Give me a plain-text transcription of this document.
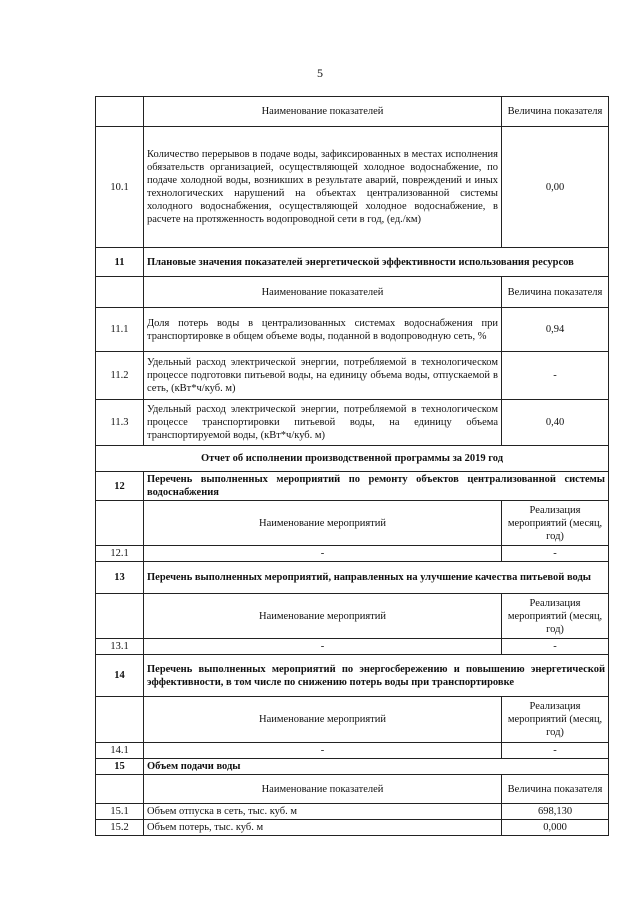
5
	Наименование показателей	Величина показателя
10.1	Количество перерывов в подаче воды, зафиксированных в местах исполнения обязательств организацией, осуществляющей холодное водоснабжение, по подаче холодной воды, возникших в результате аварий, повреждений и иных технологических нарушений на объектах централизованной системы холодного водоснабжения, осуществляющей холодное водоснабжение, в расчете на протяженность водопроводной сети в год, (ед./км)	0,00
11	Плановые значения показателей энергетической эффективности использования ресурсов	
	Наименование показателей	Величина показателя
11.1	Доля потерь воды в централизованных системах водоснабжения при транспортировке в общем объеме воды, поданной в водопроводную сеть, %	0,94
11.2	Удельный расход электрической энергии, потребляемой в технологическом процессе подготовки питьевой воды, на единицу объема воды, отпускаемой в сеть, (кВт*ч/куб. м)	-
11.3	Удельный расход электрической энергии, потребляемой в технологическом процессе транспортировки питьевой воды, на единицу объема транспортируемой воды, (кВт*ч/куб. м)	0,40
Отчет об исполнении производственной программы за 2019 год		
12	Перечень выполненных мероприятий по ремонту объектов централизованной системы водоснабжения	
	Наименование мероприятий	Реализация мероприятий (месяц, год)
12.1	-	-
13	Перечень выполненных мероприятий, направленных на улучшение качества питьевой воды	
	Наименование мероприятий	Реализация мероприятий (месяц, год)
13.1	-	-
14	Перечень выполненных мероприятий по энергосбережению и повышению энергетической эффективности, в том числе по снижению потерь воды при транспортировке	
	Наименование мероприятий	Реализация мероприятий (месяц, год)
14.1	-	-
15	Объем подачи воды	
	Наименование показателей	Величина показателя
15.1	Объем отпуска в сеть, тыс. куб. м	698,130
15.2	Объем потерь, тыс. куб. м	0,000
